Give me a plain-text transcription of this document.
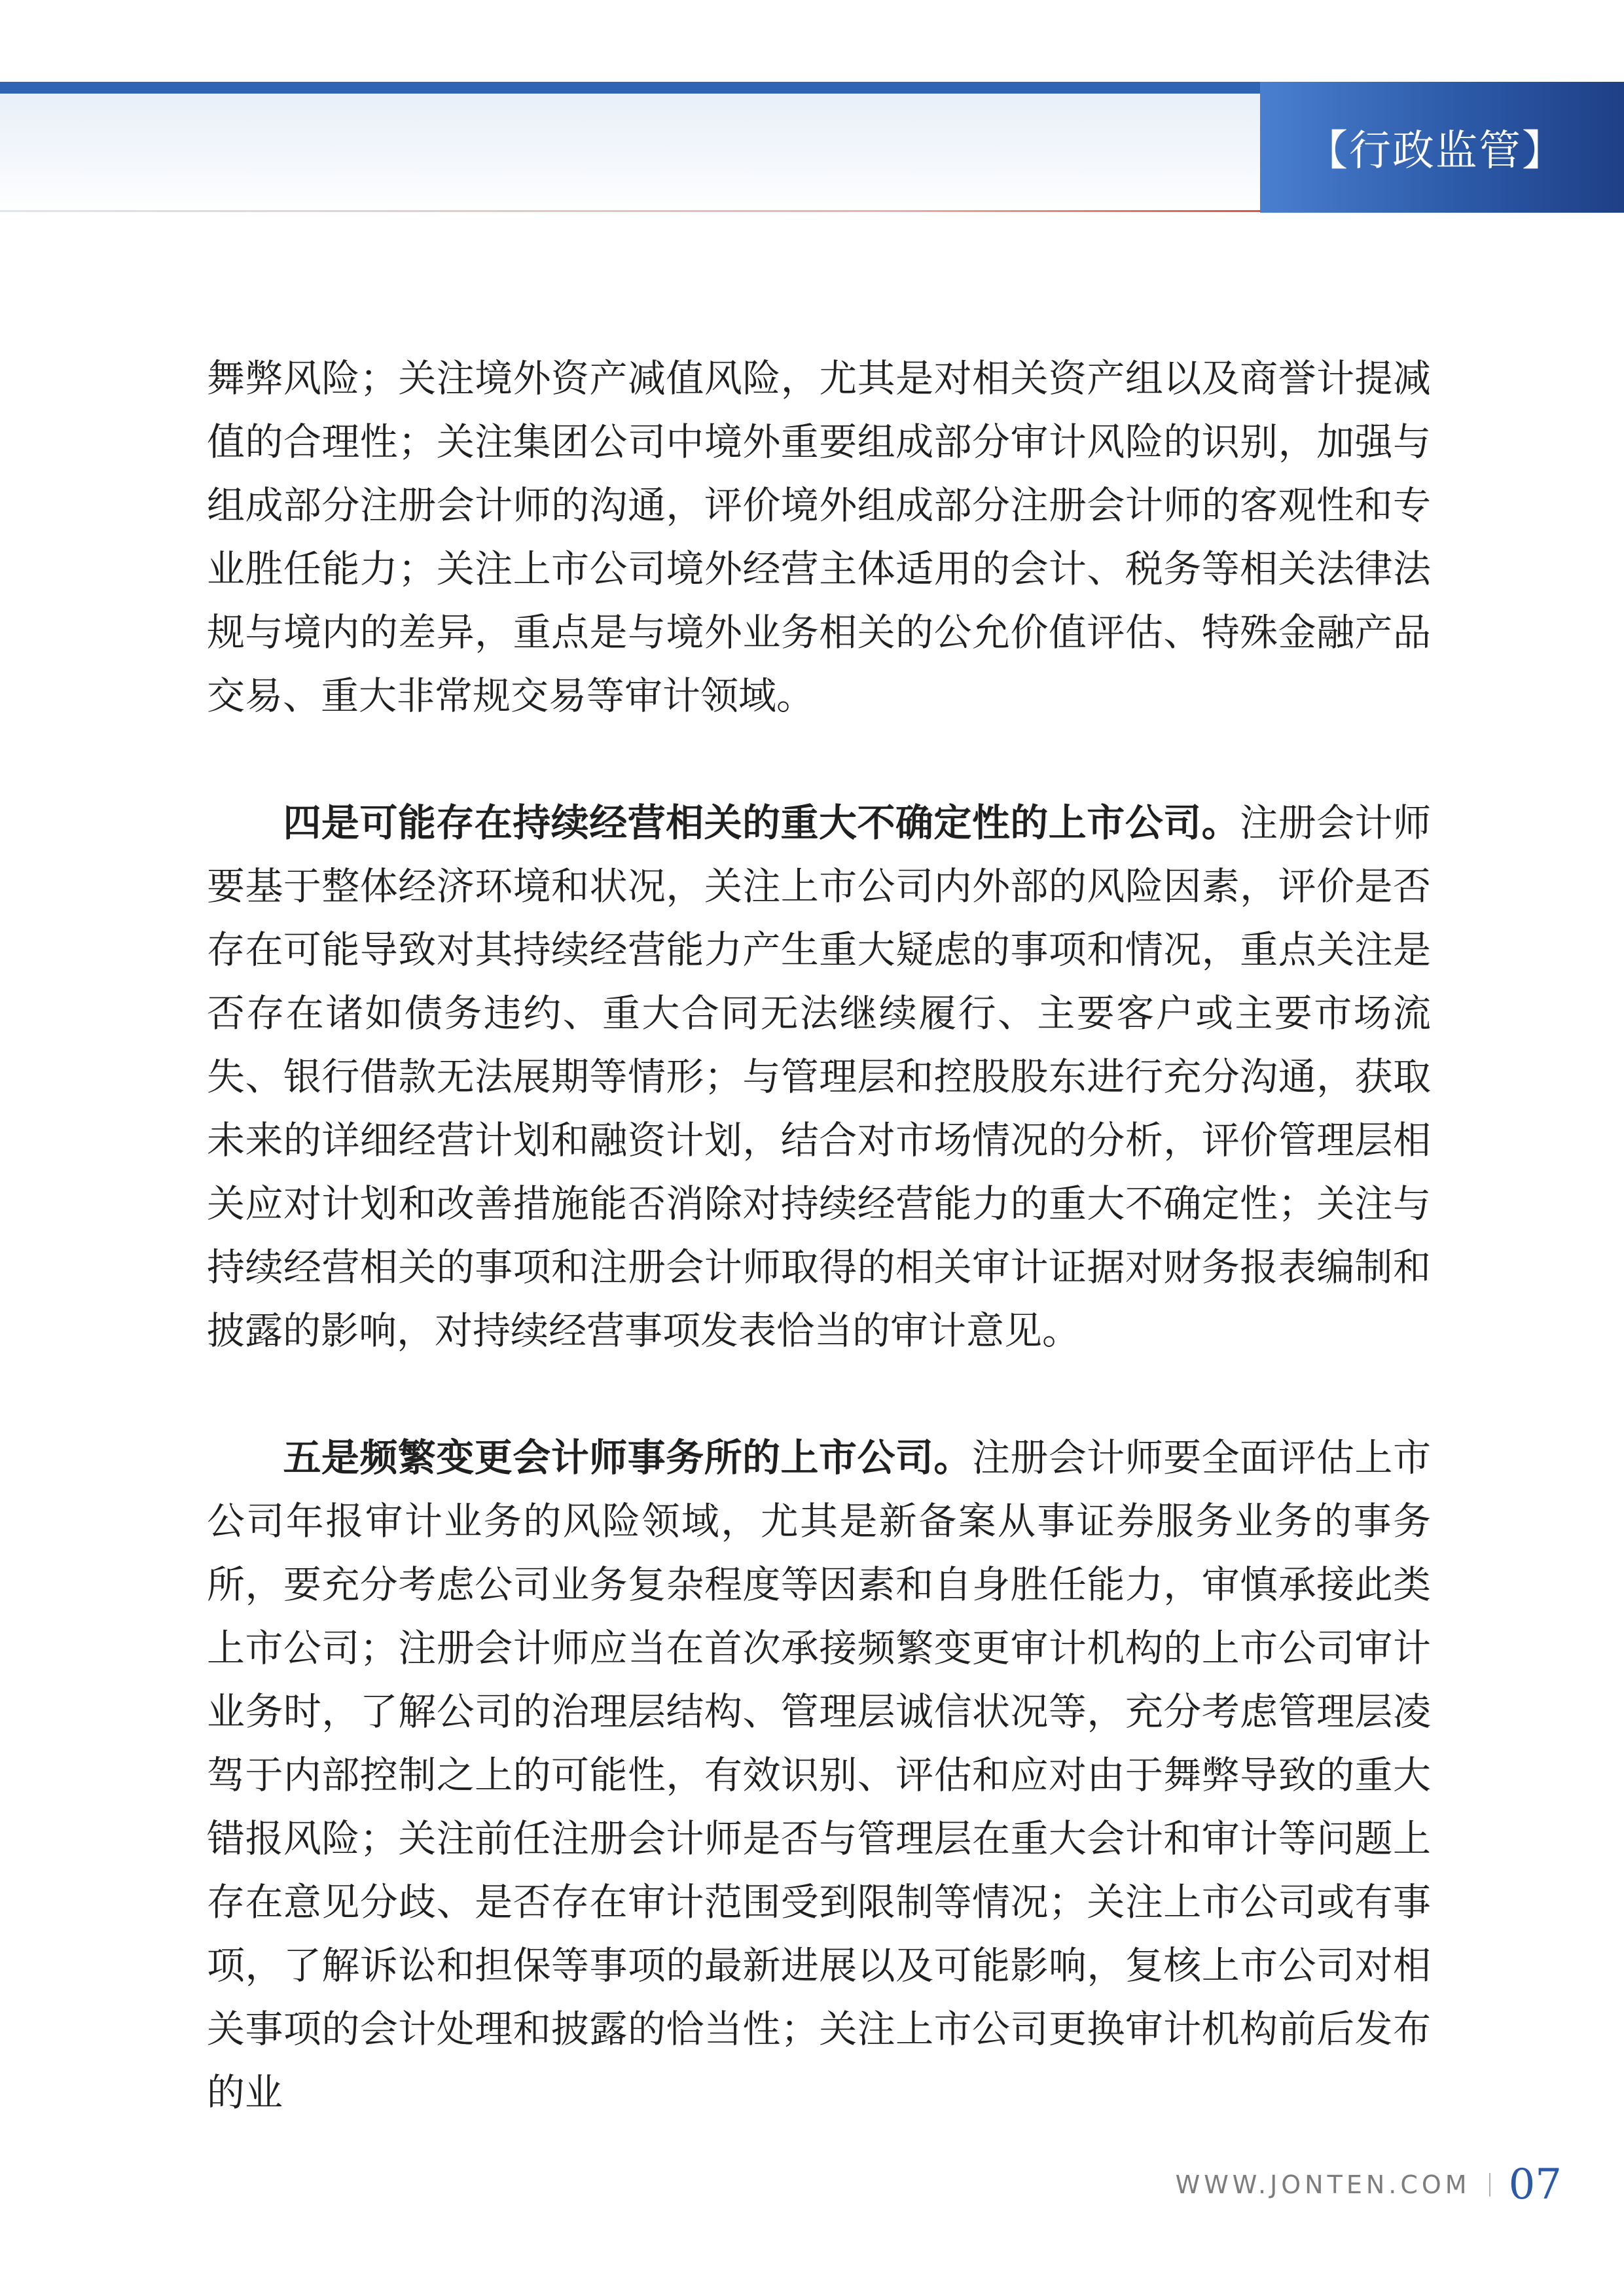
【行政监管】

舞弊风险；关注境外资产减值风险，尤其是对相关资产组以及商誉计提减值的合理性；关注集团公司中境外重要组成部分审计风险的识别，加强与组成部分注册会计师的沟通，评价境外组成部分注册会计师的客观性和专业胜任能力；关注上市公司境外经营主体适用的会计、税务等相关法律法规与境内的差异，重点是与境外业务相关的公允价值评估、特殊金融产品交易、重大非常规交易等审计领域。

四是可能存在持续经营相关的重大不确定性的上市公司。注册会计师要基于整体经济环境和状况，关注上市公司内外部的风险因素，评价是否存在可能导致对其持续经营能力产生重大疑虑的事项和情况，重点关注是否存在诸如债务违约、重大合同无法继续履行、主要客户或主要市场流失、银行借款无法展期等情形；与管理层和控股股东进行充分沟通，获取未来的详细经营计划和融资计划，结合对市场情况的分析，评价管理层相关应对计划和改善措施能否消除对持续经营能力的重大不确定性；关注与持续经营相关的事项和注册会计师取得的相关审计证据对财务报表编制和披露的影响，对持续经营事项发表恰当的审计意见。

五是频繁变更会计师事务所的上市公司。注册会计师要全面评估上市公司年报审计业务的风险领域，尤其是新备案从事证券服务业务的事务所，要充分考虑公司业务复杂程度等因素和自身胜任能力，审慎承接此类上市公司；注册会计师应当在首次承接频繁变更审计机构的上市公司审计业务时，了解公司的治理层结构、管理层诚信状况等，充分考虑管理层凌驾于内部控制之上的可能性，有效识别、评估和应对由于舞弊导致的重大错报风险；关注前任注册会计师是否与管理层在重大会计和审计等问题上存在意见分歧、是否存在审计范围受到限制等情况；关注上市公司或有事项，了解诉讼和担保等事项的最新进展以及可能影响，复核上市公司对相关事项的会计处理和披露的恰当性；关注上市公司更换审计机构前后发布的业

WWW.JONTEN.COM 07
